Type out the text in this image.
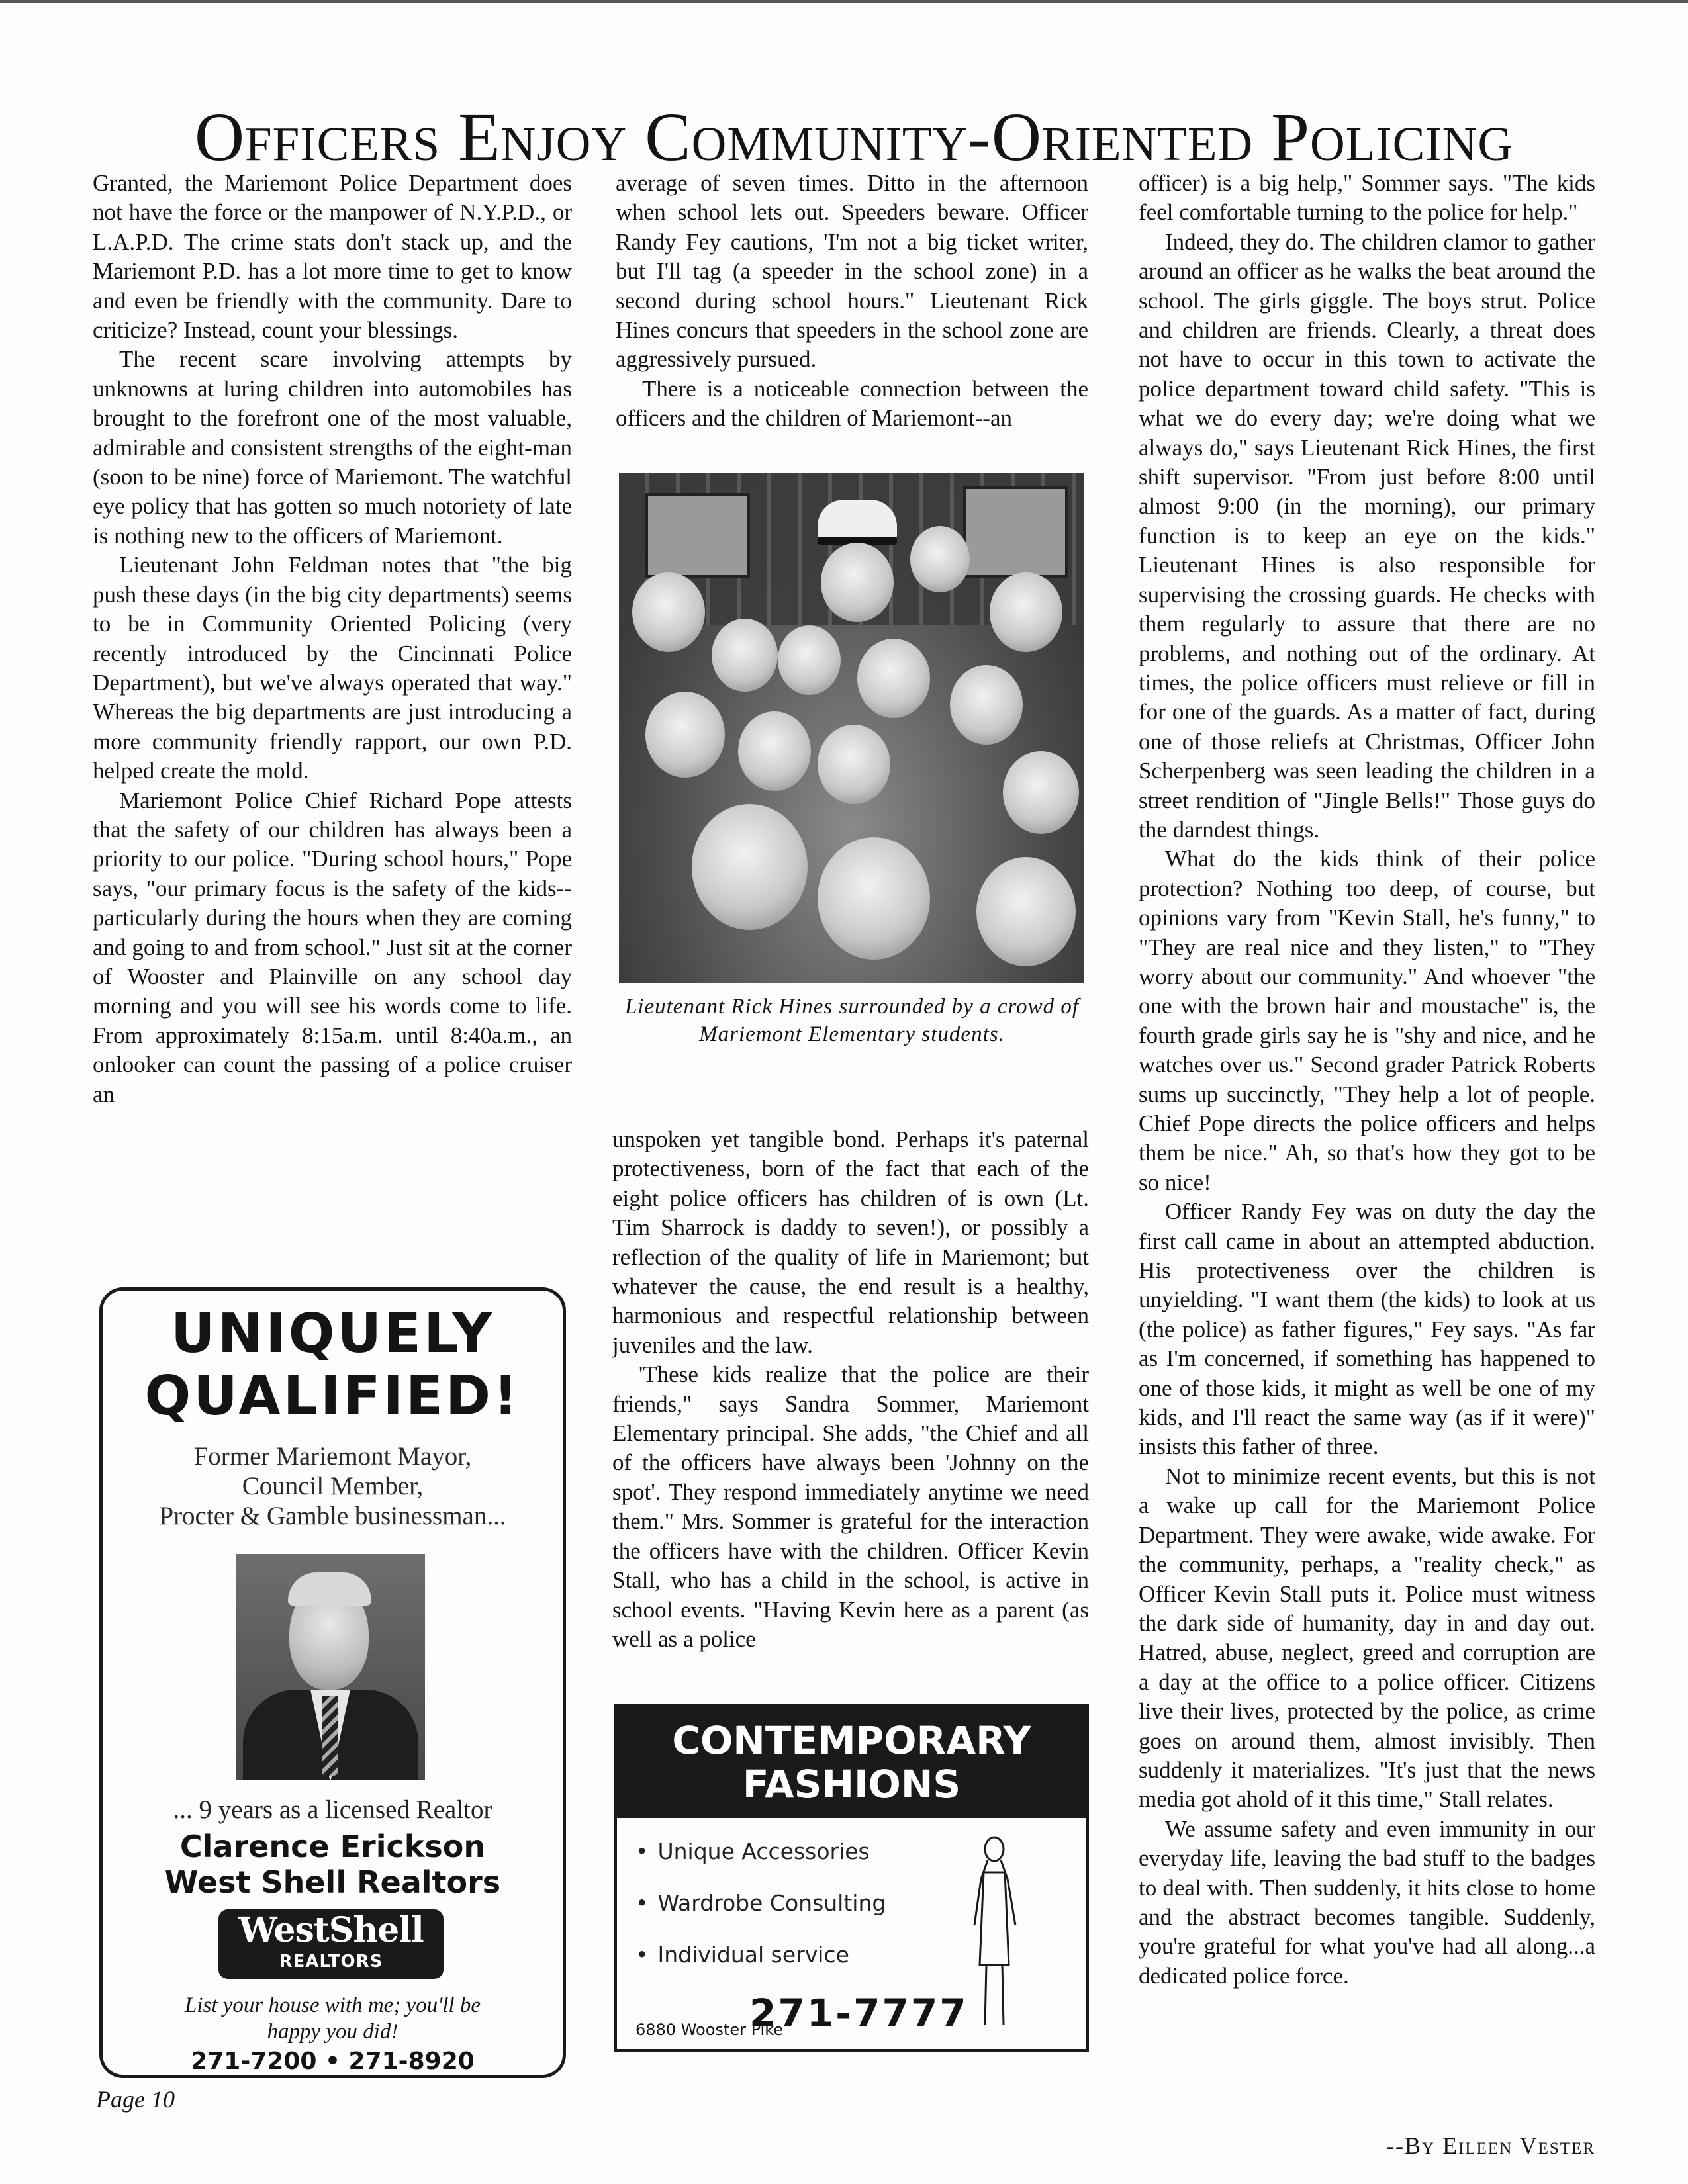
Officers Enjoy Community-Oriented Policing

Granted, the Mariemont Police Department does not have the force or the manpower of N.Y.P.D., or L.A.P.D. The crime stats don't stack up, and the Mariemont P.D. has a lot more time to get to know and even be friendly with the community. Dare to criticize? Instead, count your blessings.

The recent scare involving attempts by unknowns at luring children into automobiles has brought to the forefront one of the most valuable, admirable and consistent strengths of the eight-man (soon to be nine) force of Mariemont. The watchful eye policy that has gotten so much notoriety of late is nothing new to the officers of Mariemont.

Lieutenant John Feldman notes that "the big push these days (in the big city departments) seems to be in Community Oriented Policing (very recently introduced by the Cincinnati Police Department), but we've always operated that way." Whereas the big departments are just introducing a more community friendly rapport, our own P.D. helped create the mold.

Mariemont Police Chief Richard Pope attests that the safety of our children has always been a priority to our police. "During school hours," Pope says, "our primary focus is the safety of the kids--particularly during the hours when they are coming and going to and from school." Just sit at the corner of Wooster and Plainville on any school day morning and you will see his words come to life. From approximately 8:15a.m. until 8:40a.m., an onlooker can count the passing of a police cruiser an

average of seven times. Ditto in the afternoon when school lets out. Speeders beware. Officer Randy Fey cautions, 'I'm not a big ticket writer, but I'll tag (a speeder in the school zone) in a second during school hours." Lieutenant Rick Hines concurs that speeders in the school zone are aggressively pursued.

There is a noticeable connection between the officers and the children of Mariemont--an

Lieutenant Rick Hines surrounded by a crowd of Mariemont Elementary students.

unspoken yet tangible bond. Perhaps it's paternal protectiveness, born of the fact that each of the eight police officers has children of is own (Lt. Tim Sharrock is daddy to seven!), or possibly a reflection of the quality of life in Mariemont; but whatever the cause, the end result is a healthy, harmonious and respectful relationship between juveniles and the law.

'These kids realize that the police are their friends," says Sandra Sommer, Mariemont Elementary principal. She adds, "the Chief and all of the officers have always been 'Johnny on the spot'. They respond immediately anytime we need them." Mrs. Sommer is grateful for the interaction the officers have with the children. Officer Kevin Stall, who has a child in the school, is active in school events. "Having Kevin here as a parent (as well as a police

officer) is a big help," Sommer says. "The kids feel comfortable turning to the police for help."

Indeed, they do. The children clamor to gather around an officer as he walks the beat around the school. The girls giggle. The boys strut. Police and children are friends. Clearly, a threat does not have to occur in this town to activate the police department toward child safety. "This is what we do every day; we're doing what we always do," says Lieutenant Rick Hines, the first shift supervisor. "From just before 8:00 until almost 9:00 (in the morning), our primary function is to keep an eye on the kids." Lieutenant Hines is also responsible for supervising the crossing guards. He checks with them regularly to assure that there are no problems, and nothing out of the ordinary. At times, the police officers must relieve or fill in for one of the guards. As a matter of fact, during one of those reliefs at Christmas, Officer John Scherpenberg was seen leading the children in a street rendition of "Jingle Bells!" Those guys do the darndest things.

What do the kids think of their police protection? Nothing too deep, of course, but opinions vary from "Kevin Stall, he's funny," to "They are real nice and they listen," to "They worry about our community." And whoever "the one with the brown hair and moustache" is, the fourth grade girls say he is "shy and nice, and he watches over us." Second grader Patrick Roberts sums up succinctly, "They help a lot of people. Chief Pope directs the police officers and helps them be nice." Ah, so that's how they got to be so nice!

Officer Randy Fey was on duty the day the first call came in about an attempted abduction. His protectiveness over the children is unyielding. "I want them (the kids) to look at us (the police) as father figures," Fey says. "As far as I'm concerned, if something has happened to one of those kids, it might as well be one of my kids, and I'll react the same way (as if it were)" insists this father of three.

Not to minimize recent events, but this is not a wake up call for the Mariemont Police Department. They were awake, wide awake. For the community, perhaps, a "reality check," as Officer Kevin Stall puts it. Police must witness the dark side of humanity, day in and day out. Hatred, abuse, neglect, greed and corruption are a day at the office to a police officer. Citizens live their lives, protected by the police, as crime goes on around them, almost invisibly. Then suddenly it materializes. "It's just that the news media got ahold of it this time," Stall relates.

We assume safety and even immunity in our everyday life, leaving the bad stuff to the badges to deal with. Then suddenly, it hits close to home and the abstract becomes tangible. Suddenly, you're grateful for what you've had all along...a dedicated police force.

UNIQUELY
QUALIFIED!
Former Mariemont Mayor,
Council Member,
Procter & Gamble businessman...
... 9 years as a licensed Realtor
Clarence Erickson
West Shell Realtors
WestShell
REALTORS
List your house with me; you'll be
happy you did!
271-7200 • 271-8920
CONTEMPORARY
FASHIONS
• Unique Accessories
• Wardrobe Consulting
• Individual service
271-7777
6880 Wooster Pike
Page 10
--By Eileen Vester
